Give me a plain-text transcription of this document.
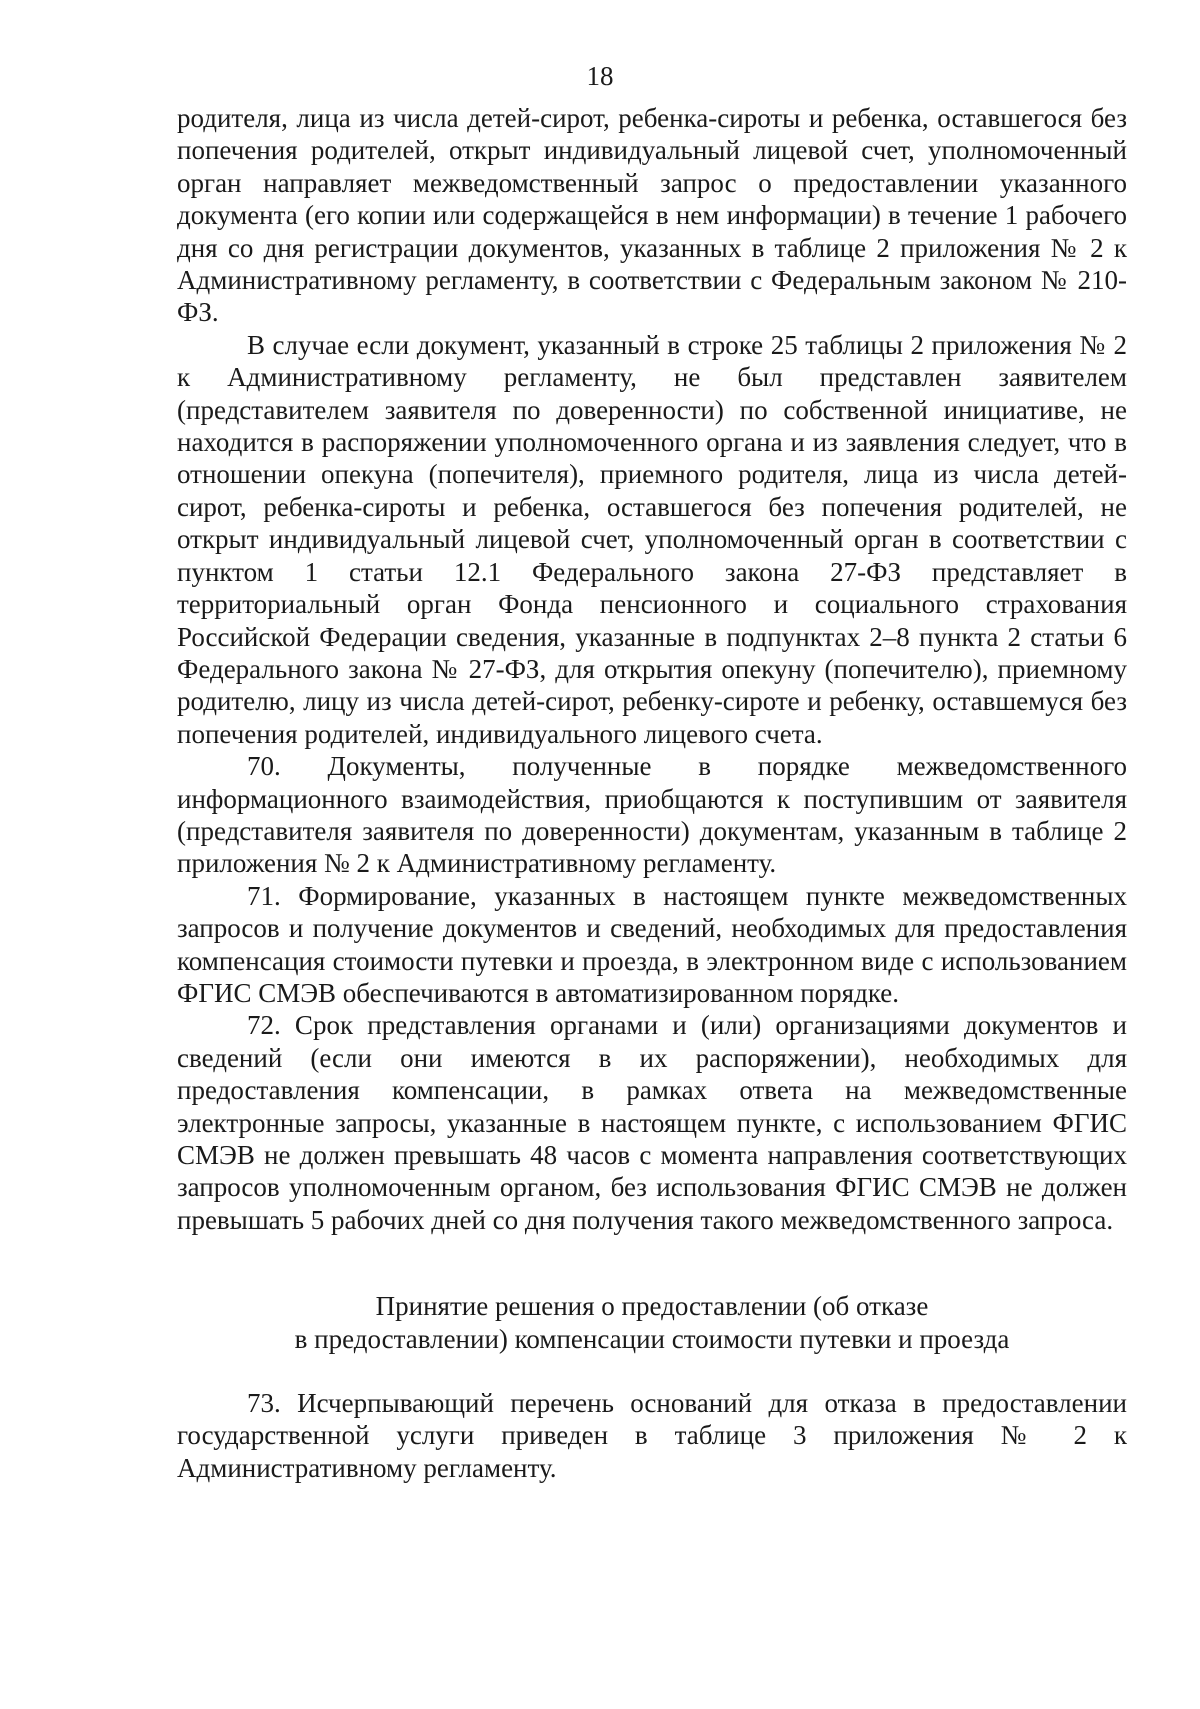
18

родителя, лица из числа детей-сирот, ребенка-сироты и ребенка, оставшегося без попечения родителей, открыт индивидуальный лицевой счет, уполномоченный орган направляет межведомственный запрос о предоставлении указанного документа (его копии или содержащейся в нем информации) в течение 1 рабочего дня со дня регистрации документов, указанных в таблице 2 приложения № 2 к Административному регламенту, в соответствии с Федеральным законом № 210-ФЗ.

В случае если документ, указанный в строке 25 таблицы 2 приложения № 2 к Административному регламенту, не был представлен заявителем (представителем заявителя по доверенности) по собственной инициативе, не находится в распоряжении уполномоченного органа и из заявления следует, что в отношении опекуна (попечителя), приемного родителя, лица из числа детей-сирот, ребенка-сироты и ребенка, оставшегося без попечения родителей, не открыт индивидуальный лицевой счет, уполномоченный орган в соответствии с пунктом 1 статьи 12.1 Федерального закона 27-ФЗ представляет в территориальный орган Фонда пенсионного и социального страхования Российской Федерации сведения, указанные в подпунктах 2–8 пункта 2 статьи 6 Федерального закона № 27-ФЗ, для открытия опекуну (попечителю), приемному родителю, лицу из числа детей-сирот, ребенку-сироте и ребенку, оставшемуся без попечения родителей, индивидуального лицевого счета.

70. Документы, полученные в порядке межведомственного информационного взаимодействия, приобщаются к поступившим от заявителя (представителя заявителя по доверенности) документам, указанным в таблице 2 приложения № 2 к Административному регламенту.

71. Формирование, указанных в настоящем пункте межведомственных запросов и получение документов и сведений, необходимых для предоставления компенсация стоимости путевки и проезда, в электронном виде с использованием ФГИС СМЭВ обеспечиваются в автоматизированном порядке.

72. Срок представления органами и (или) организациями документов и сведений (если они имеются в их распоряжении), необходимых для предоставления компенсации, в рамках ответа на межведомственные электронные запросы, указанные в настоящем пункте, с использованием ФГИС СМЭВ не должен превышать 48 часов с момента направления соответствующих запросов уполномоченным органом, без использования ФГИС СМЭВ не должен превышать 5 рабочих дней со дня получения такого межведомственного запроса.

Принятие решения о предоставлении (об отказе
в предоставлении) компенсации стоимости путевки и проезда

73. Исчерпывающий перечень оснований для отказа в предоставлении государственной услуги приведен в таблице 3 приложения № 2 к Административному регламенту.
